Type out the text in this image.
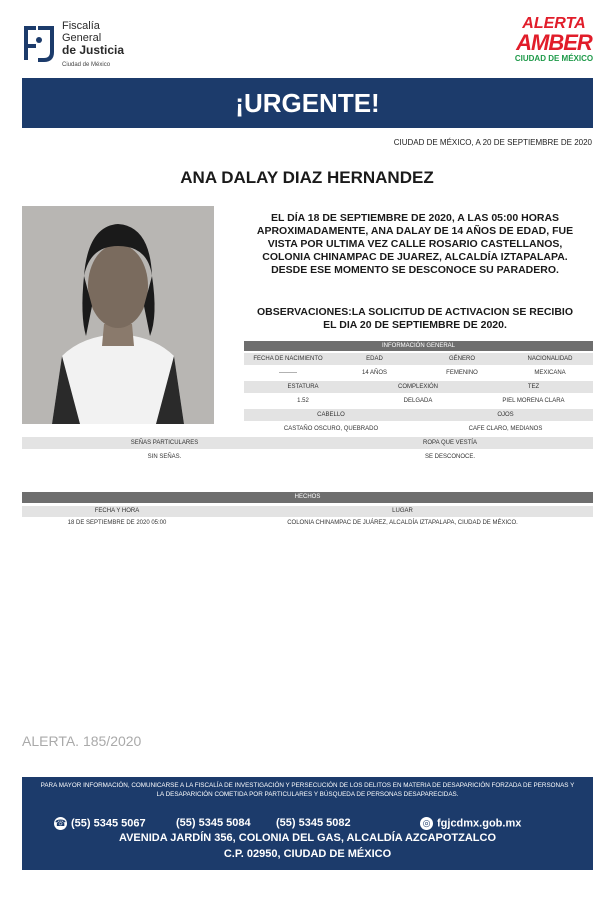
Fiscalía
General
de Justicia
Ciudad de México
ALERTA
AMBER
CIUDAD DE MÉXICO
¡URGENTE!
CIUDAD DE MÉXICO, A 20 DE SEPTIEMBRE DE 2020
ANA DALAY DIAZ HERNANDEZ
EL DÍA 18 DE SEPTIEMBRE DE 2020, A LAS 05:00 HORAS APROXIMADAMENTE, ANA DALAY DE 14 AÑOS DE EDAD, FUE VISTA POR ULTIMA VEZ CALLE ROSARIO CASTELLANOS, COLONIA CHINAMPAC DE JUAREZ, ALCALDÍA IZTAPALAPA. DESDE ESE MOMENTO SE DESCONOCE SU PARADERO.
OBSERVACIONES:LA SOLICITUD DE ACTIVACION SE RECIBIO EL DIA 20 DE SEPTIEMBRE DE 2020.
INFORMACIÓN GENERAL
FECHA DE NACIMIENTO	EDAD	GÉNERO	NACIONALIDAD
---------	14 AÑOS	FEMENINO	MEXICANA
ESTATURA	COMPLEXIÓN	TEZ
1.52	DELGADA	PIEL MORENA CLARA
CABELLO	OJOS
CASTAÑO OSCURO, QUEBRADO	CAFE CLARO, MEDIANOS
SEÑAS PARTICULARES	ROPA QUE VESTÍA
SIN SEÑAS.	SE DESCONOCE.
HECHOS
FECHA Y HORA	LUGAR
18 DE SEPTIEMBRE DE 2020 05:00	COLONIA CHINAMPAC DE JUÁREZ, ALCALDÍA IZTAPALAPA, CIUDAD DE MÉXICO.
ALERTA. 185/2020
PARA MAYOR INFORMACIÓN, COMUNICARSE A LA FISCALÍA DE INVESTIGACIÓN Y PERSECUCIÓN DE LOS DELITOS EN MATERIA DE DESAPARICIÓN FORZADA DE PERSONAS Y LA DESAPARICIÓN COMETIDA POR PARTICULARES Y BÚSQUEDA DE PERSONAS DESAPARECIDAS.
☎ (55) 5345 5067	(55) 5345 5084 (55) 5345 5082	◎ fgjcdmx.gob.mx
AVENIDA JARDÍN 356, COLONIA DEL GAS, ALCALDÍA AZCAPOTZALCO
C.P. 02950, CIUDAD DE MÉXICO
